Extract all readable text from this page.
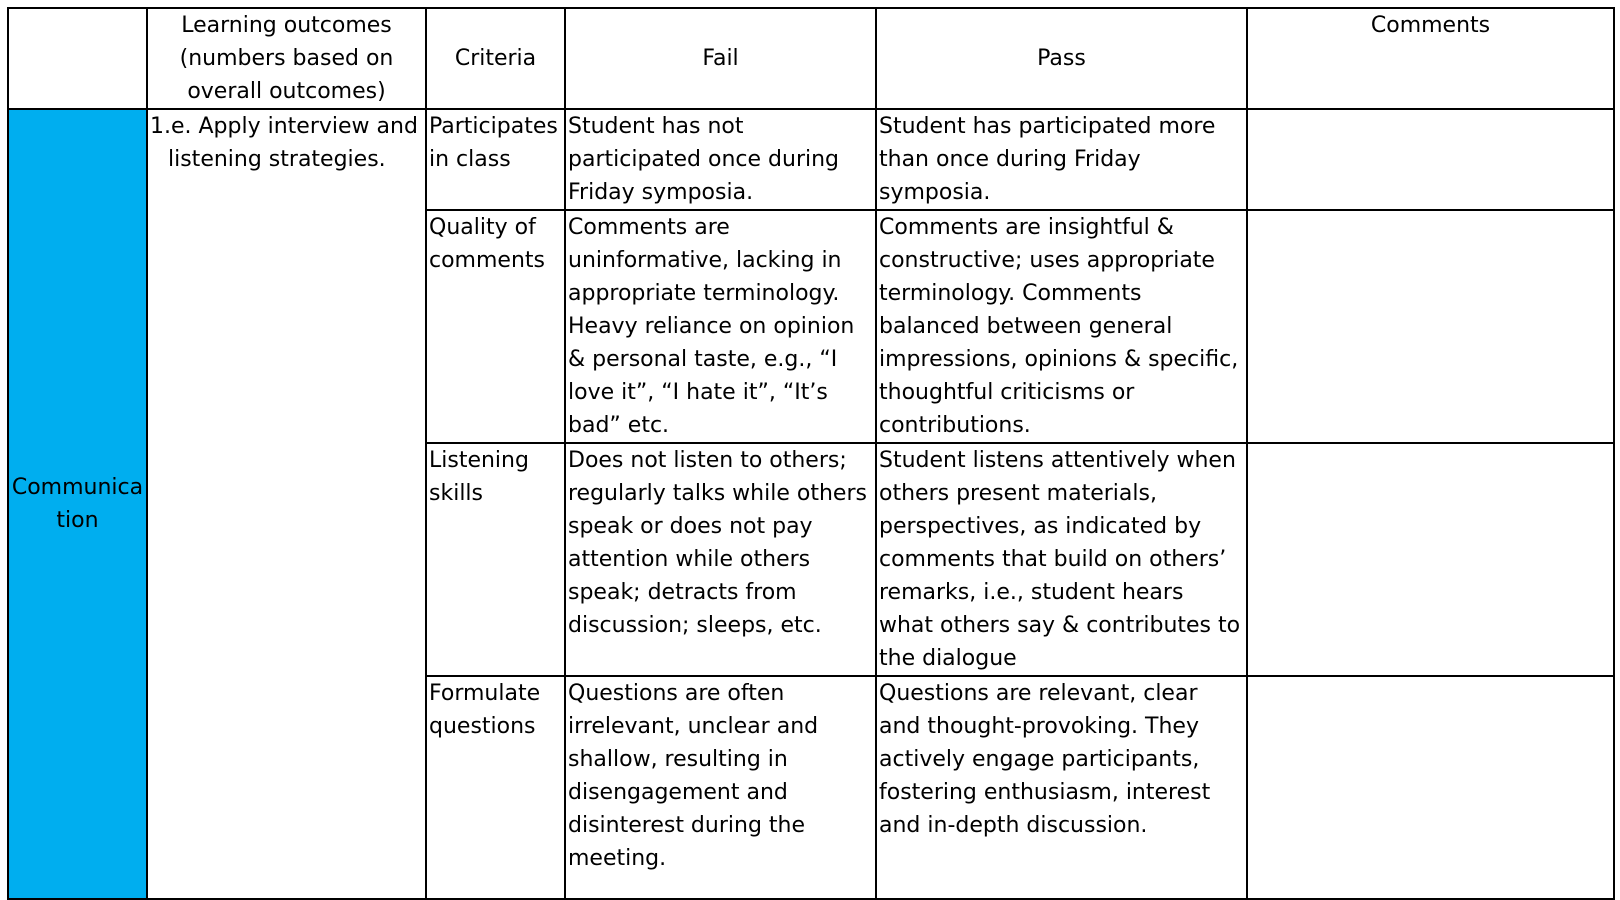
	Learning outcomes (numbers based on overall outcomes)	Criteria	Fail	Pass	Comments
Communication	1.e. Apply interview and listening strategies.	Participates in class	Student has not participated once during Friday symposia.	Student has participated more than once during Friday symposia.	
		Quality of comments	Comments are uninformative, lacking in appropriate terminology. Heavy reliance on opinion & personal taste, e.g., “I love it”, “I hate it”, “It’s bad” etc.	Comments are insightful & constructive; uses appropriate terminology. Comments balanced between general impressions, opinions & specific, thoughtful criticisms or contributions.	
		Listening skills	Does not listen to others; regularly talks while others speak or does not pay attention while others speak; detracts from discussion; sleeps, etc.	Student listens attentively when others present materials, perspectives, as indicated by comments that build on others’ remarks, i.e., student hears what others say & contributes to the dialogue	
		Formulate questions	Questions are often irrelevant, unclear and shallow, resulting in disengagement and disinterest during the meeting.	Questions are relevant, clear and thought-provoking. They actively engage participants, fostering enthusiasm, interest and in-depth discussion.	
